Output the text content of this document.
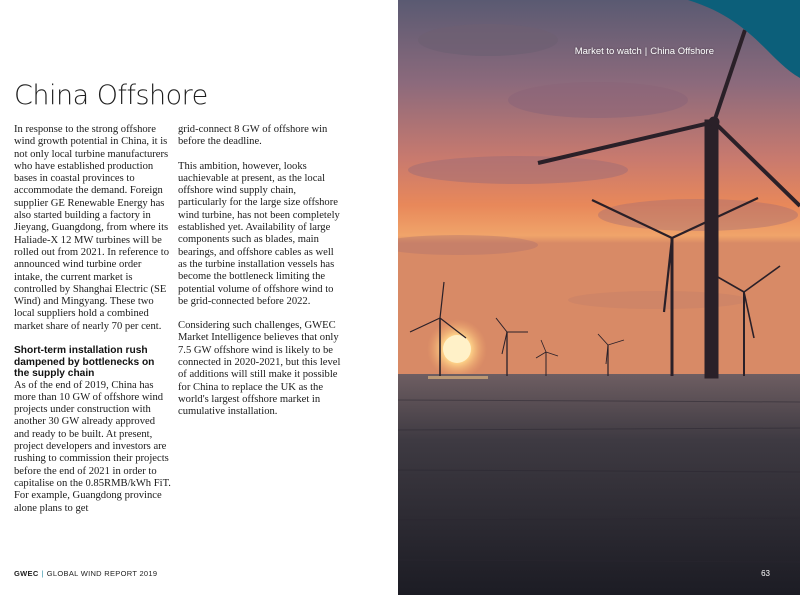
China Offshore

In response to the strong offshore wind growth potential in China, it is not only local turbine manufacturers who have established production bases in coastal provinces to accommodate the demand. Foreign supplier GE Renewable Energy has also started building a factory in Jieyang, Guangdong, from where its Haliade-X 12 MW turbines will be rolled out from 2021. In reference to announced wind turbine order intake, the current market is controlled by Shanghai Electric (SE Wind) and Mingyang. These two local suppliers hold a combined market share of nearly 70 per cent.

Short-term installation rush dampened by bottlenecks on the supply chain

As of the end of 2019, China has more than 10 GW of offshore wind projects under construction with another 30 GW already approved and ready to be built. At present, project developers and investors are rushing to commission their projects before the end of 2021 in order to capitalise on the 0.85RMB/kWh FiT. For example, Guangdong province alone plans to get

grid-connect 8 GW of offshore win before the deadline.

This ambition, however, looks uachievable at present, as the local offshore wind supply chain, particularly for the large size offshore wind turbine, has not been completely established yet. Availability of large components such as blades, main bearings, and offshore cables as well as the turbine installation vessels has become the bottleneck limiting the potential volume of offshore wind to be grid-connected before 2022.

Considering such challenges, GWEC Market Intelligence believes that only 7.5 GW offshore wind is likely to be connected in 2020-2021, but this level of additions will still make it possible for China to replace the UK as the world's largest offshore market in cumulative installation.

GWEC | GLOBAL WIND REPORT 2019
Market to watch | China Offshore
63
